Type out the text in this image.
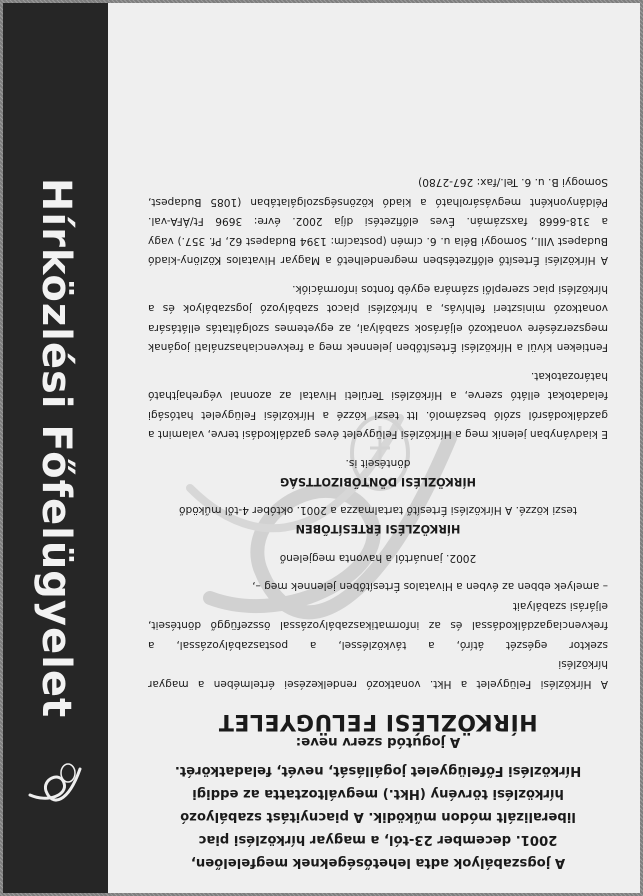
A jogszabályok adta lehetőségeknek megfelelően,
2001. december 23-tól, a magyar hírközlési piac
liberalizált módon működik. A piacnyitást szabályozó
hírközlési törvény (Hkt.) megváltoztatta az eddigi
Hírközlési Főfelügyelet jogállását, nevét, feladatkörét.

A jogutód szerv neve:

HÍRKÖZLÉSI FELÜGYELET

A Hírközlési Felügyelet a Hkt. vonatkozó rendelkezései értelmében a magyar hírközlési

szektor egészét átíró, a távközléssel, a postaszabályozással, a frekvenciagazdálkodással és az informatikaszabályozással összefüggő döntéseit, eljárási szabályait

– amelyek ebben az évben a Hivatalos Értesítőben jelennek meg –,

2002. januártól a havonta megjelenő

HÍRKÖZLÉSI ÉRTESÍTŐBEN

teszi közzé. A Hírközlési Értesítő tartalmazza a 2001. október 4-től működő

HÍRKÖZLÉSI DÖNTŐBIZOTTSÁG

döntéseit is.

E kiadványban jelenik meg a Hírközlési Felügyelet éves gazdálkodási terve, valamint a gazdálkodásról szóló beszámoló. Itt teszi közzé a Hírközlési Felügyelet hatósági feladatokat ellátó szerve, a Hírközlési Területi Hivatal az azonnal végrehajtható határozatokat.

Fentieken kívül a Hírközlési Értesítőben jelennek meg a frekvenciahasználati jogának megszerzésére vonatkozó eljárások szabályai, az egyetemes szolgáltatás ellátására vonatkozó miniszteri felhívás, a hírközlési piacot szabályozó jogszabályok és a hírközlési piac szereplői számára egyéb fontos információk.

A Hírközlési Értesítő előfizetésben megrendelhető a Magyar Hivatalos Közlöny-kiadó Budapest VIII., Somogyi Béla u. 6. címén (postacím: 1394 Budapest 62, Pf. 357.) vagy a 318-6668 faxszámán. Éves előfizetési díja 2002. évre: 3696 Ft/ÁFA-val. Példányonként megvásárolható a kiadó közönségszolgálatában (1085 Budapest, Somogyi B. u. 6. Tel./fax: 267-2780)

Hírközlési Főfelügyelet
